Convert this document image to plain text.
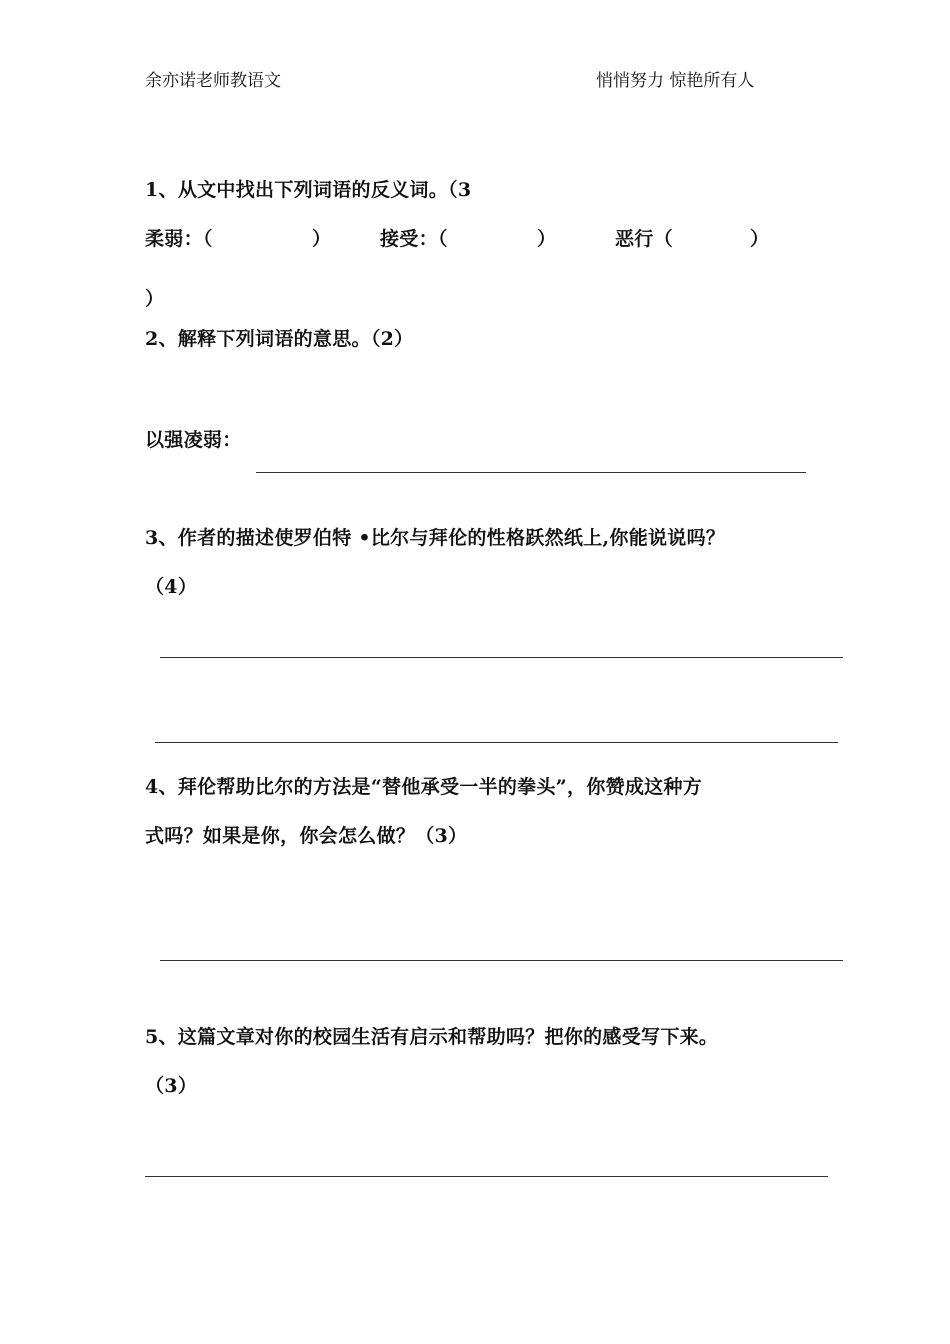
余亦诺老师教语文	悄悄努力 惊艳所有人
1、从文中找出下列词语的反义词。（3
柔弱：（	）	接受：（	）	恶行（	）
）
2、解释下列词语的意思。（2）
以强凌弱：
3、作者的描述使罗伯特 •比尔与拜伦的性格跃然纸上,你能说说吗？
（4）
4、拜伦帮助比尔的方法是“替他承受一半的拳头”，你赞成这种方
式吗？如果是你，你会怎么做？（3）
5、这篇文章对你的校园生活有启示和帮助吗？把你的感受写下来。
（3）
